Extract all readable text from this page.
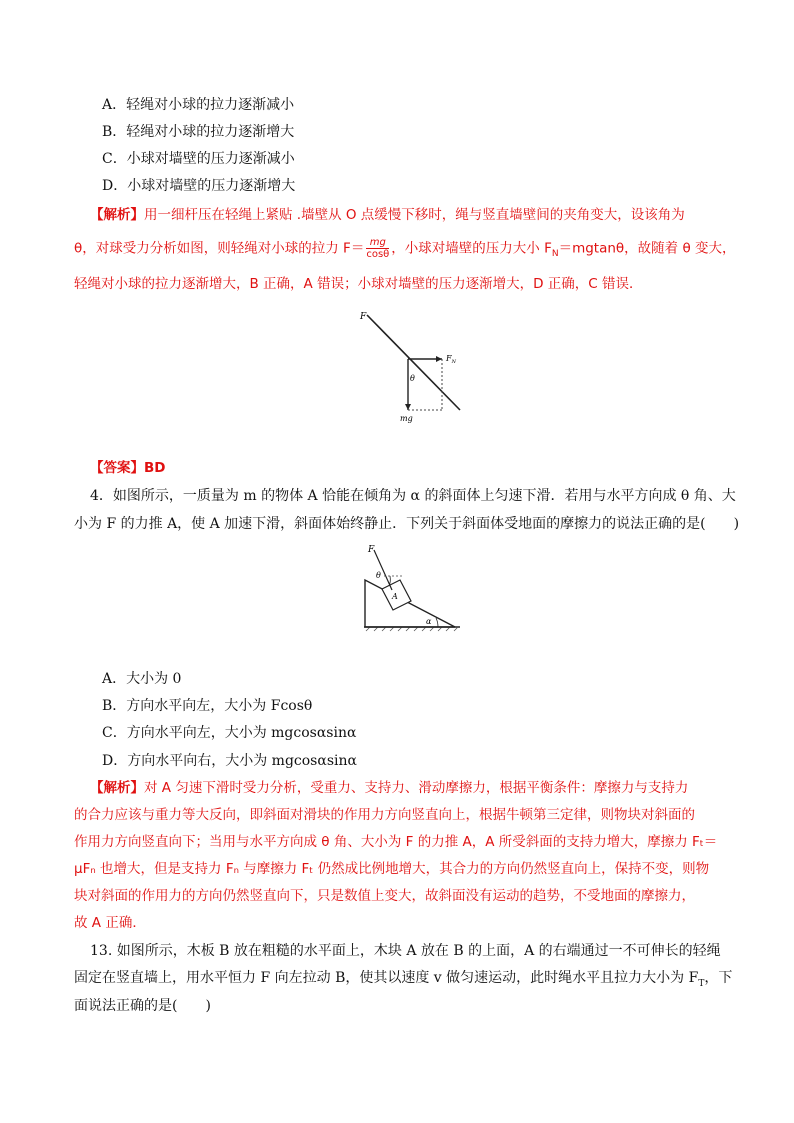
A．轻绳对小球的拉力逐渐减小
B．轻绳对小球的拉力逐渐增大
C．小球对墙壁的压力逐渐减小
D．小球对墙壁的压力逐渐增大
【解析】用一细杆压在轻绳上紧贴 .墙壁从 O 点缓慢下移时，绳与竖直墙壁间的夹角变大，设该角为
θ，对球受力分析如图，则轻绳对小球的拉力 $F= \frac{mg}{\cos\theta}$ ，小球对墙壁的压力大小 $F_N=mgtan\theta$，故随着 θ 变大，
轻绳对小球的拉力逐渐增大，B 正确，A 错误；小球对墙壁的压力逐渐增大，D 正确，C 错误．
F
$F_N$
θ
mg
【答案】BD
4．如图所示，一质量为 m 的物体 A 恰能在倾角为 α 的斜面体上匀速下滑．若用与水平方向成 θ 角、大
小为 F 的力推 A，使 A 加速下滑，斜面体始终静止．下列关于斜面体受地面的摩擦力的说法正确的是(　　)
F
θ
A
α
A．大小为 0
B．方向水平向左，大小为 Fcosθ
C．方向水平向左，大小为 mgcosαsinα
D．方向水平向右，大小为 mgcosαsinα
【解析】对 A 匀速下滑时受力分析，受重力、支持力、滑动摩擦力，根据平衡条件：摩擦力与支持力
的合力应该与重力等大反向，即斜面对滑块的作用力方向竖直向上，根据牛顿第三定律，则物块对斜面的
作用力方向竖直向下；当用与水平方向成 θ 角、大小为 F 的力推 A，A 所受斜面的支持力增大，摩擦力 Fₜ＝
μFₙ 也增大，但是支持力 Fₙ 与摩擦力 Fₜ 仍然成比例地增大，其合力的方向仍然竖直向上，保持不变，则物
块对斜面的作用力的方向仍然竖直向下，只是数值上变大，故斜面没有运动的趋势，不受地面的摩擦力，
故 A 正确．
13. 如图所示，木板 B 放在粗糙的水平面上，木块 A 放在 B 的上面，A 的右端通过一不可伸长的轻绳
固定在竖直墙上，用水平恒力 F 向左拉动 B，使其以速度 v 做匀速运动，此时绳水平且拉力大小为 $F_T$，下
面说法正确的是(　　)
